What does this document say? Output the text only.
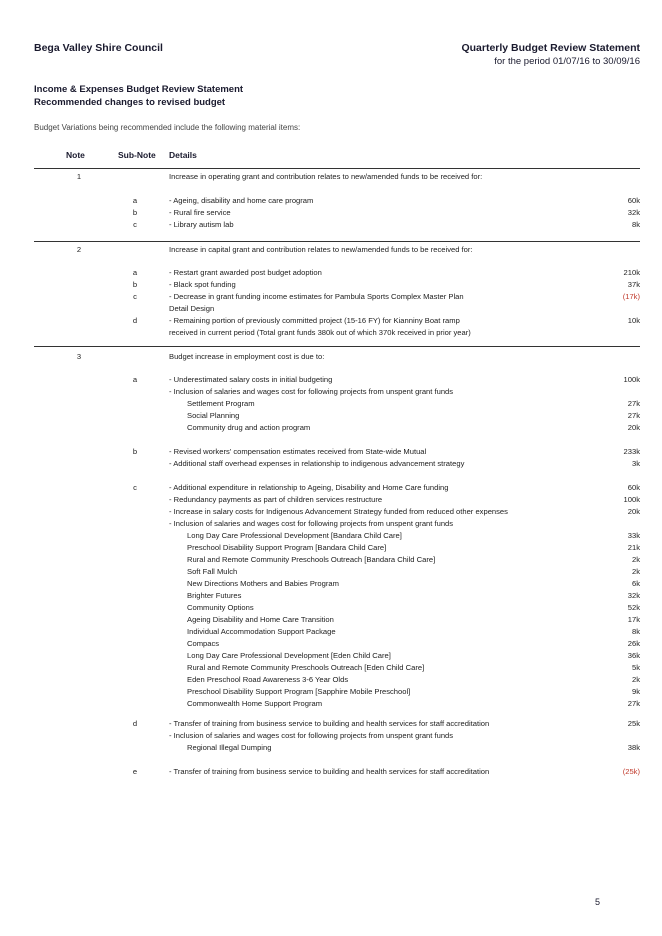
Bega Valley Shire Council	Quarterly Budget Review Statement
for the period 01/07/16 to 30/09/16
Income & Expenses Budget Review Statement
Recommended changes to revised budget
Budget Variations being recommended include the following material items:
Note	Sub-Note Details
1	Increase in operating grant and contribution relates to new/amended funds to be received for:
a	- Ageing, disability and home care program	60k
b	- Rural fire service	32k
c	- Library autism lab	8k
2	Increase in capital grant and contribution relates to new/amended funds to be received for:
a	- Restart grant awarded post budget adoption	210k
b	- Black spot funding	37k
c	- Decrease in grant funding income estimates for Pambula Sports Complex Master Plan	(17k)
Detail Design
d	- Remaining portion of previously committed project (15-16 FY) for Kianniny Boat ramp	10k
received in current period (Total grant funds 380k out of which 370k received in prior year)
3	Budget increase in employment cost is due to:
a	- Underestimated salary costs in initial budgeting	100k
- Inclusion of salaries and wages cost for following projects from unspent grant funds
Settlement Program	27k
Social Planning	27k
Community drug and action program	20k
b	- Revised workers' compensation estimates received from State-wide Mutual	233k
- Additional staff overhead expenses in relationship to indigenous advancement strategy	3k
c	- Additional expenditure in relationship to Ageing, Disability and Home Care funding	60k
- Redundancy payments as part of children services restructure	100k
- Increase in salary costs for Indigenous Advancement Strategy funded from reduced other expenses	20k
- Inclusion of salaries and wages cost for following projects from unspent grant funds
Long Day Care Professional Development [Bandara Child Care]	33k
Preschool Disability Support Program [Bandara Child Care]	21k
Rural and Remote Community Preschools Outreach [Bandara Child Care]	2k
Soft Fall Mulch	2k
New Directions Mothers and Babies Program	6k
Brighter Futures	32k
Community Options	52k
Ageing Disability and Home Care Transition	17k
Individual Accommodation Support Package	8k
Compacs	26k
Long Day Care Professional Development [Eden Child Care]	36k
Rural and Remote Community Preschools Outreach [Eden Child Care]	5k
Eden Preschool Road Awareness 3-6 Year Olds	2k
Preschool Disability Support Program [Sapphire Mobile Preschool]	9k
Commonwealth Home Support Program	27k
d	- Transfer of training from business service to building and health services for staff accreditation	25k
- Inclusion of salaries and wages cost for following projects from unspent grant funds
Regional Illegal Dumping	38k
e	- Transfer of training from business service to building and health services for staff accreditation	(25k)
5
